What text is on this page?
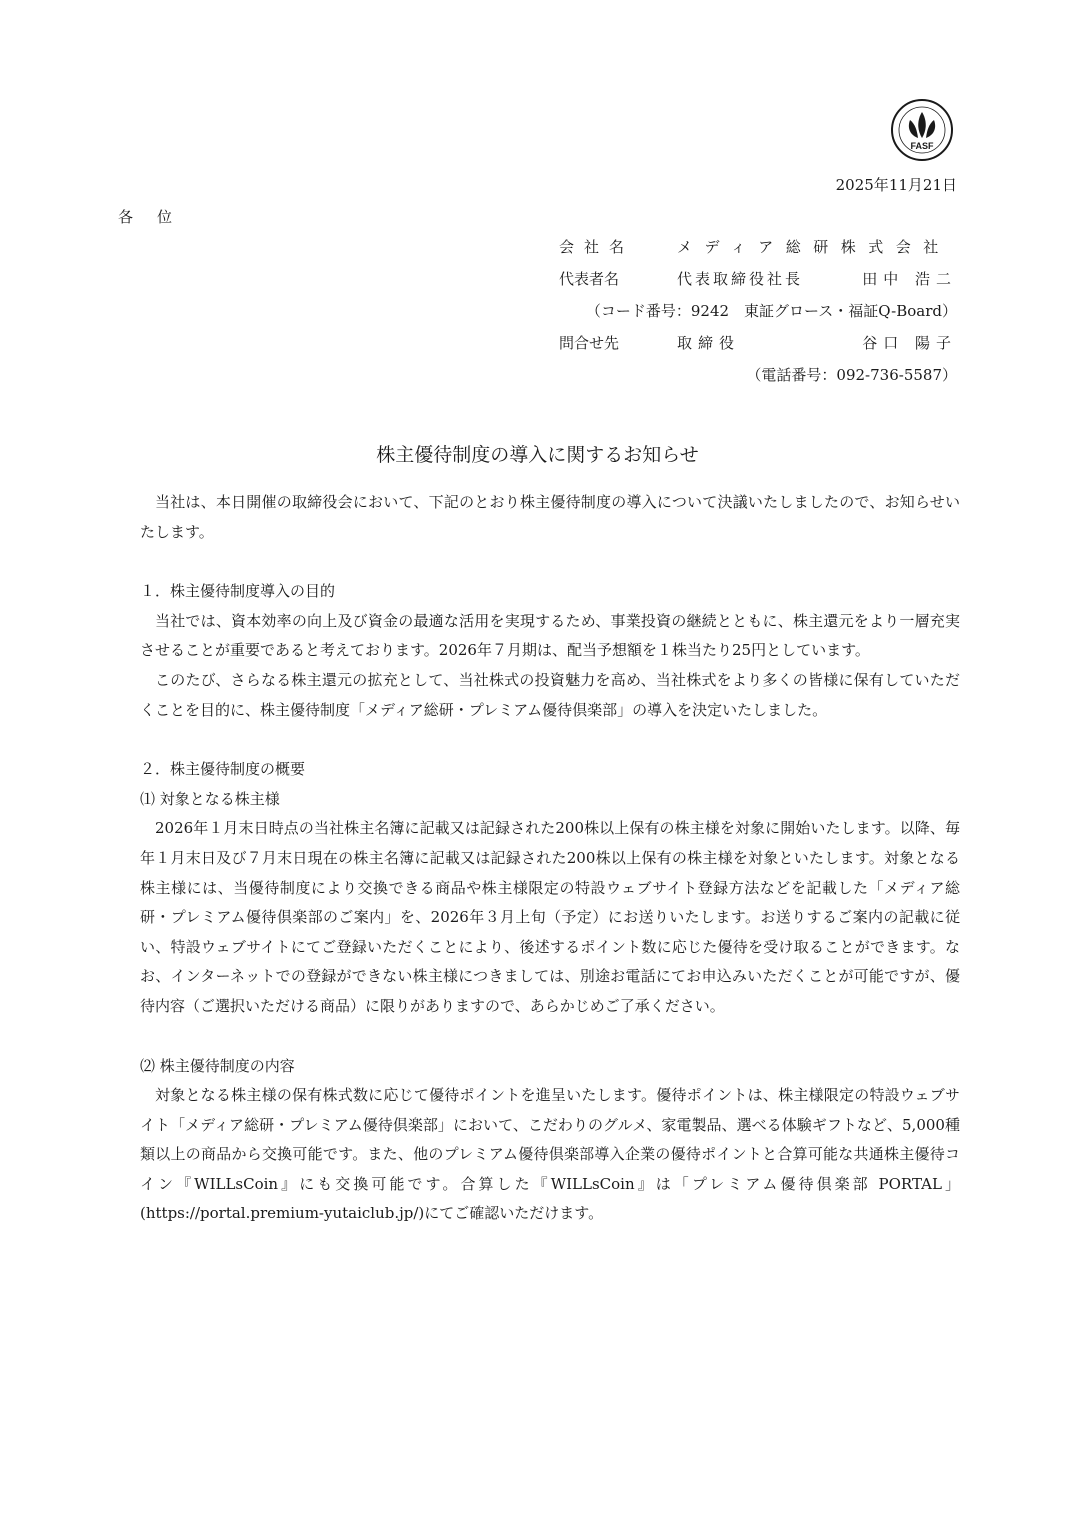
FASF
2025年11月21日
各位
会社名	メディア総研株式会社
代表者名	代表取締役社長	田中 浩二
（コード番号：9242　東証グロース・福証Q-Board）
問合せ先	取締役	谷口 陽子
（電話番号：092-736-5587）
株主優待制度の導入に関するお知らせ

当社は、本日開催の取締役会において、下記のとおり株主優待制度の導入について決議いたしましたので、お知らせいたします。

１．株主優待制度導入の目的

当社では、資本効率の向上及び資金の最適な活用を実現するため、事業投資の継続とともに、株主還元をより一層充実させることが重要であると考えております。2026年７月期は、配当予想額を１株当たり25円としています。

このたび、さらなる株主還元の拡充として、当社株式の投資魅力を高め、当社株式をより多くの皆様に保有していただくことを目的に、株主優待制度「メディア総研・プレミアム優待倶楽部」の導入を決定いたしました。

２．株主優待制度の概要

⑴ 対象となる株主様

2026年１月末日時点の当社株主名簿に記載又は記録された200株以上保有の株主様を対象に開始いたします。以降、毎年１月末日及び７月末日現在の株主名簿に記載又は記録された200株以上保有の株主様を対象といたします。対象となる株主様には、当優待制度により交換できる商品や株主様限定の特設ウェブサイト登録方法などを記載した「メディア総研・プレミアム優待倶楽部のご案内」を、2026年３月上旬（予定）にお送りいたします。お送りするご案内の記載に従い、特設ウェブサイトにてご登録いただくことにより、後述するポイント数に応じた優待を受け取ることができます。なお、インターネットでの登録ができない株主様につきましては、別途お電話にてお申込みいただくことが可能ですが、優待内容（ご選択いただける商品）に限りがありますので、あらかじめご了承ください。

⑵ 株主優待制度の内容

対象となる株主様の保有株式数に応じて優待ポイントを進呈いたします。優待ポイントは、株主様限定の特設ウェブサイト「メディア総研・プレミアム優待倶楽部」において、こだわりのグルメ、家電製品、選べる体験ギフトなど、5,000種類以上の商品から交換可能です。また、他のプレミアム優待倶楽部導入企業の優待ポイントと合算可能な共通株主優待コイン『WILLsCoin』にも交換可能です。合算した『WILLsCoin』は「プレミアム優待倶楽部 PORTAL」(https://portal.premium-yutaiclub.jp/)にてご確認いただけます。
